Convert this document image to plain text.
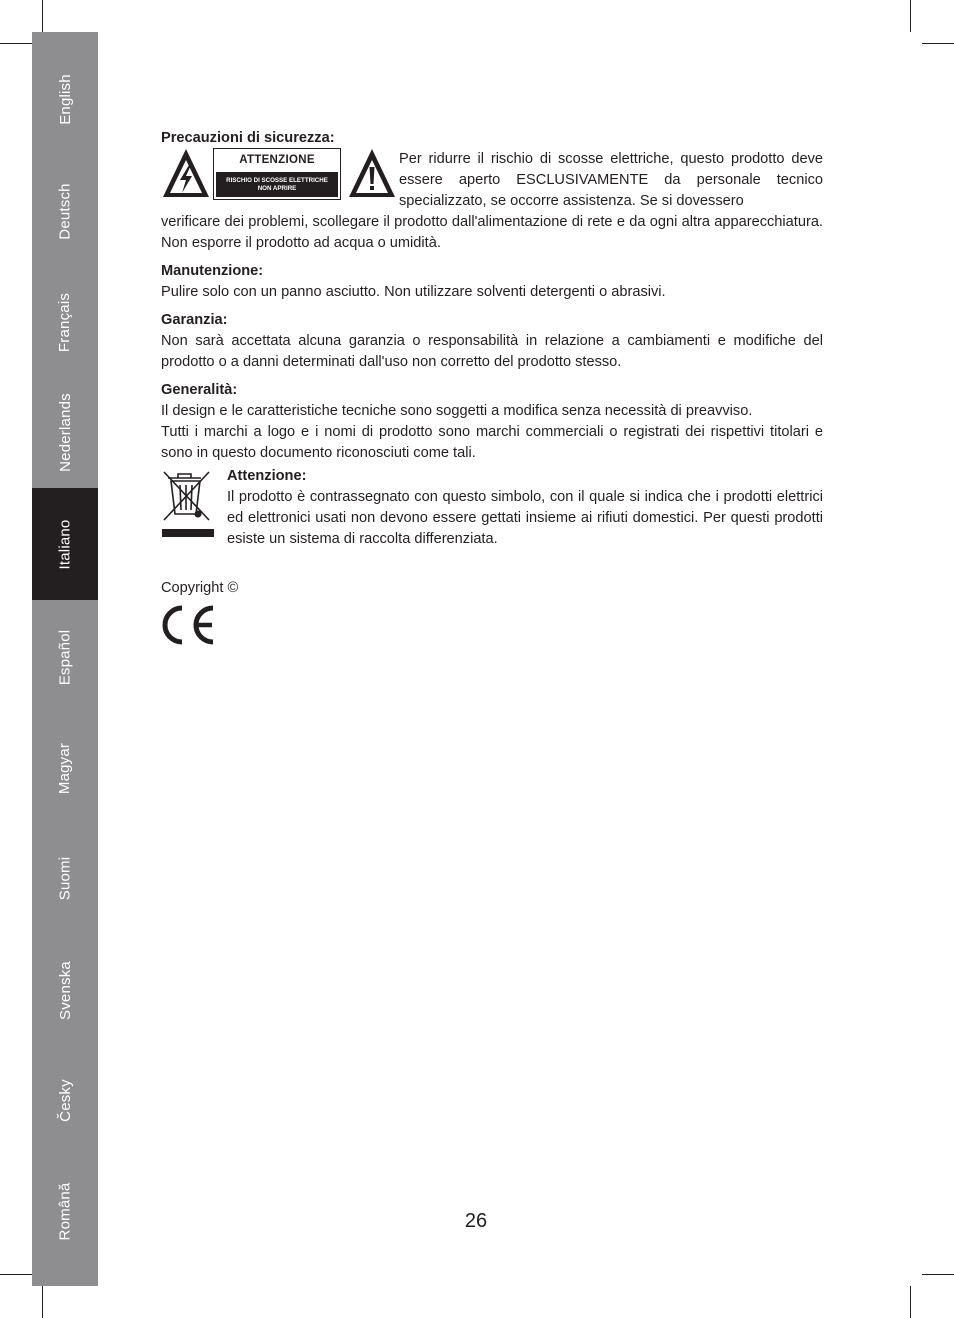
English
Deutsch
Français
Nederlands
Italiano
Español
Magyar
Suomi
Svenska
Česky
Română

Precauzioni di sicurezza:

ATTENZIONE
RISCHIO DI SCOSSE ELETTRICHE
NON APRIRE

Per ridurre il rischio di scosse elettriche, questo prodotto deve essere aperto ESCLUSIVAMENTE da personale tecnico specializzato, se occorre assistenza. Se si dovessero

verificare dei problemi, scollegare il prodotto dall'alimentazione di rete e da ogni altra apparecchiatura. Non esporre il prodotto ad acqua o umidità.

Manutenzione:

Pulire solo con un panno asciutto. Non utilizzare solventi detergenti o abrasivi.

Garanzia:

Non sarà accettata alcuna garanzia o responsabilità in relazione a cambiamenti e modifiche del prodotto o a danni determinati dall'uso non corretto del prodotto stesso.

Generalità:

Il design e le caratteristiche tecniche sono soggetti a modifica senza necessità di preavviso.

Tutti i marchi a logo e i nomi di prodotto sono marchi commerciali o registrati dei rispettivi titolari e sono in questo documento riconosciuti come tali.

Attenzione:

Il prodotto è contrassegnato con questo simbolo, con il quale si indica che i prodotti elettrici ed elettronici usati non devono essere gettati insieme ai rifiuti domestici. Per questi prodotti esiste un sistema di raccolta differenziata.

Copyright ©

26
